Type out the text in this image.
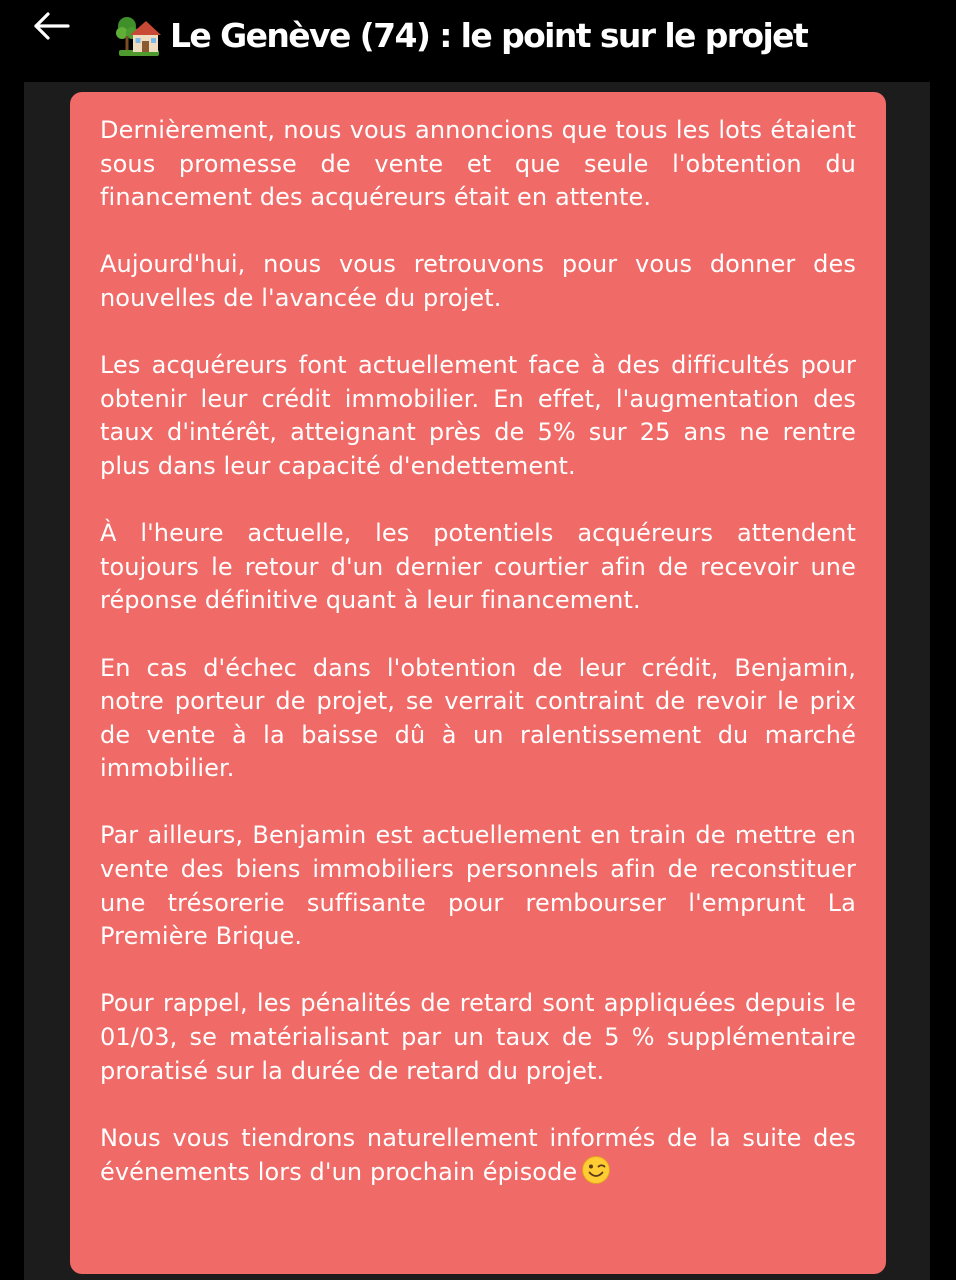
Le Genève (74) : le point sur le projet

Dernièrement, nous vous annoncions que tous les lots étaient sous promesse de vente et que seule l'obtention du financement des acquéreurs était en attente.

Aujourd'hui, nous vous retrouvons pour vous donner des nouvelles de l'avancée du projet.

Les acquéreurs font actuellement face à des difficultés pour obtenir leur crédit immobilier. En effet, l'augmentation des taux d'intérêt, atteignant près de 5% sur 25 ans ne rentre plus dans leur capacité d'endettement.

À l'heure actuelle, les potentiels acquéreurs attendent toujours le retour d'un dernier courtier afin de recevoir une réponse définitive quant à leur financement.

En cas d'échec dans l'obtention de leur crédit, Benjamin, notre porteur de projet, se verrait contraint de revoir le prix de vente à la baisse dû à un ralentissement du marché immobilier.

Par ailleurs, Benjamin est actuellement en train de mettre en vente des biens immobiliers personnels afin de reconstituer une trésorerie suffisante pour rembourser l'emprunt La Première Brique.

Pour rappel, les pénalités de retard sont appliquées depuis le 01/03, se matérialisant par un taux de 5 % supplémentaire proratisé sur la durée de retard du projet.

Nous vous tiendrons naturellement informés de la suite des événements lors d'un prochain épisode
